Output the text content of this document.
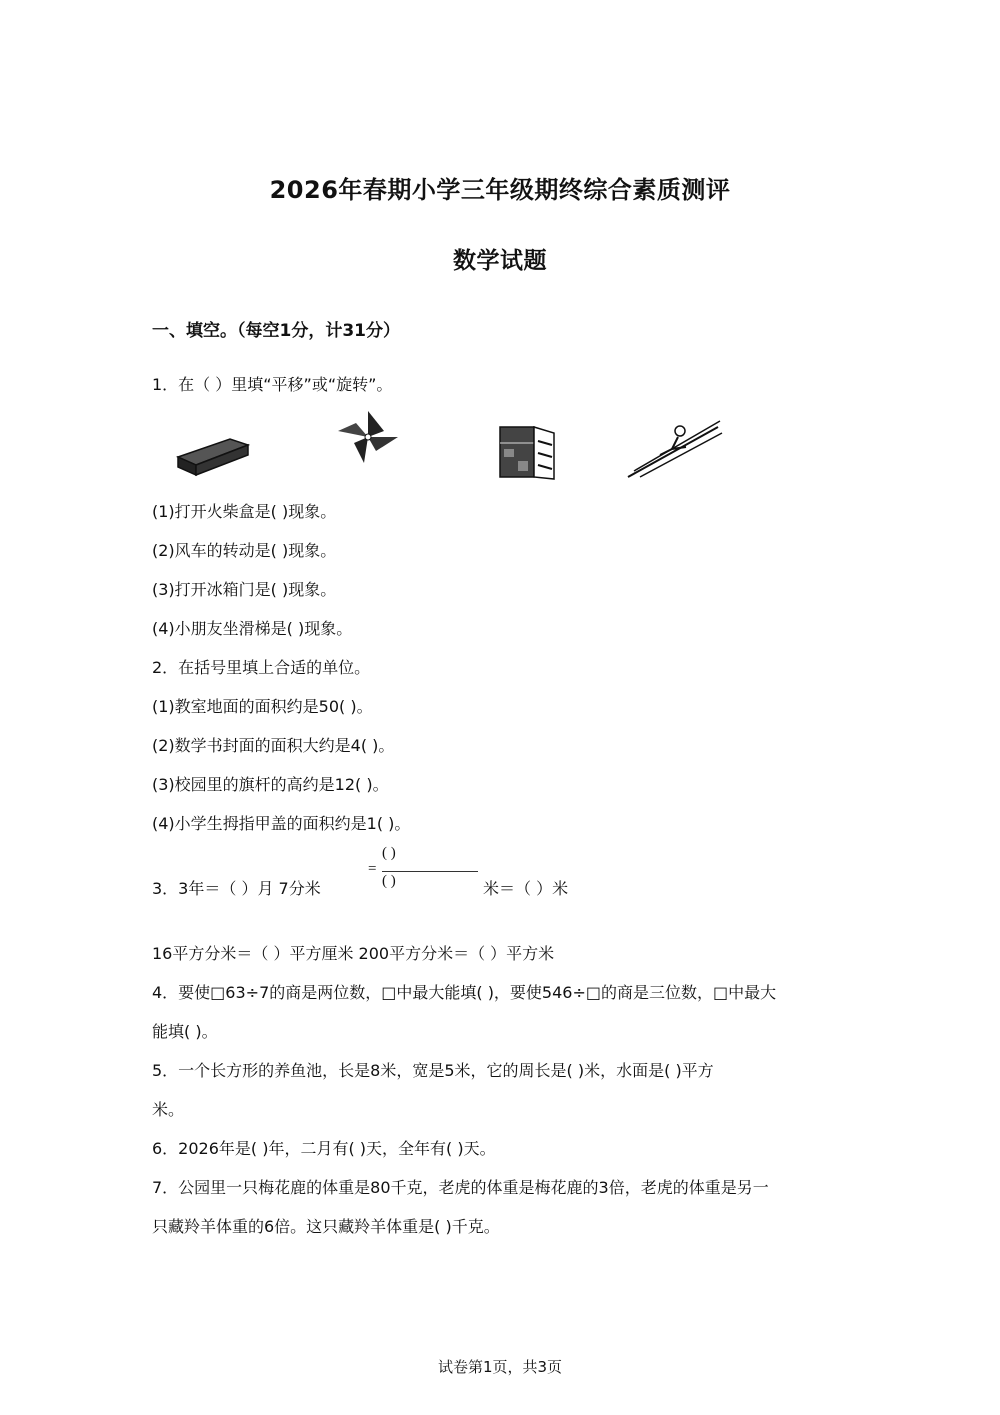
2026年春期小学三年级期终综合素质测评
数学试题
一、填空。（每空1分，计31分）
1．在（ ）里填“平移”或“旋转”。
(1)打开火柴盒是( )现象。
(2)风车的转动是( )现象。
(3)打开冰箱门是( )现象。
(4)小朋友坐滑梯是( )现象。
2．在括号里填上合适的单位。
(1)教室地面的面积约是50( )。
(2)数学书封面的面积大约是4( )。
(3)校园里的旗杆的高约是12( )。
(4)小学生拇指甲盖的面积约是1( )。
3．3年＝（ ）月 7分米
=
( )
( )	米＝（ ）米
16平方分米＝（ ）平方厘米 200平方分米＝（ ）平方米
4．要使□63÷7的商是两位数，□中最大能填( )，要使546÷□的商是三位数，□中最大
能填( )。
5．一个长方形的养鱼池，长是8米，宽是5米，它的周长是( )米，水面是( )平方
米。
6．2026年是( )年，二月有( )天，全年有( )天。
7．公园里一只梅花鹿的体重是80千克，老虎的体重是梅花鹿的3倍，老虎的体重是另一
只藏羚羊体重的6倍。这只藏羚羊体重是( )千克。
试卷第1页，共3页
